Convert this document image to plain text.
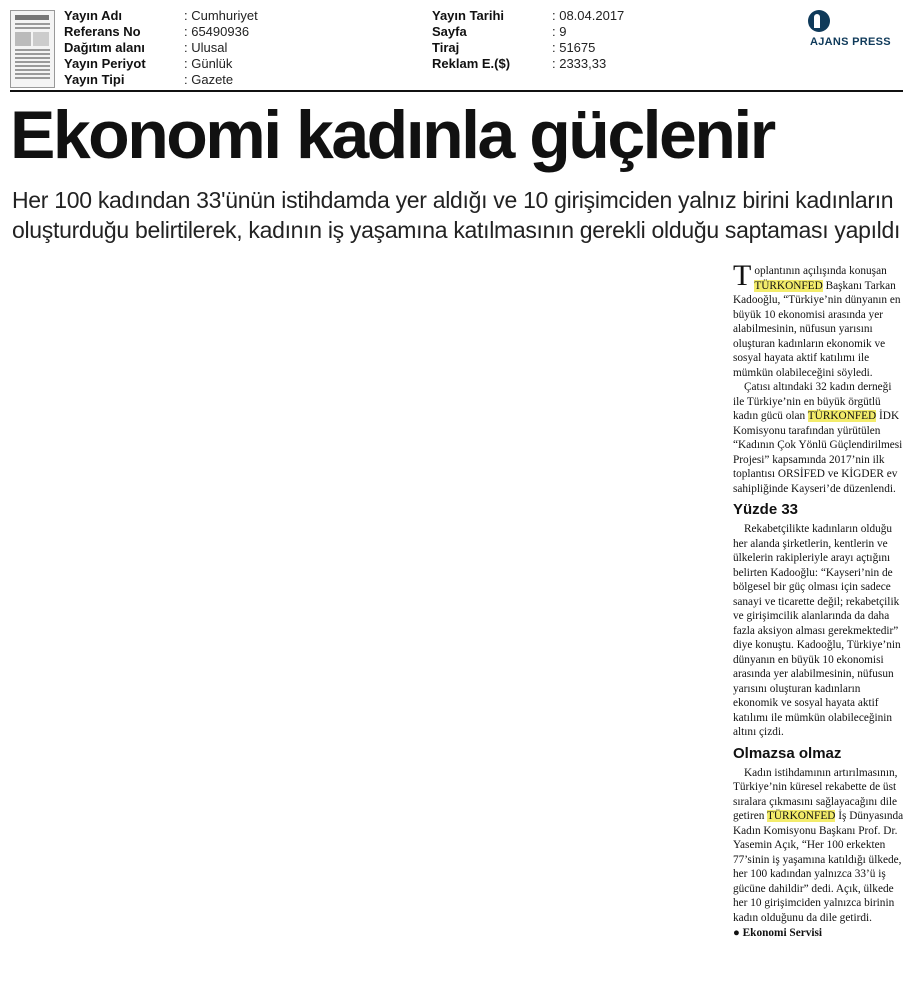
Yayın Adı	: Cumhuriyet
Referans No	: 65490936
Dağıtım alanı	: Ulusal
Yayın Periyot	: Günlük
Yayın Tipi	: Gazete
Yayın Tarihi	: 08.04.2017
Sayfa	: 9
Tiraj	: 51675
Reklam E.($)	: 2333,33
AJANS PRESS
Ekonomi kadınla güçlenir
Her 100 kadından 33'ünün istihdamda yer aldığı ve 10 girişimciden yalnız birini kadınların oluşturduğu belirtilerek, kadının iş yaşamına katılmasının gerekli olduğu saptaması yapıldı

Toplantının açılışında konuşan TÜRKONFED Başkanı Tarkan Kadooğlu, “Türkiye’nin dünyanın en büyük 10 ekonomisi arasında yer alabilmesinin, nüfusun yarısını oluşturan kadınların ekonomik ve sosyal hayata aktif katılımı ile mümkün olabileceğini söyledi.

Çatısı altındaki 32 kadın derneği ile Türkiye’nin en büyük örgütlü kadın gücü olan TÜRKONFED İDK Komisyonu tarafından yürütülen “Kadının Çok Yönlü Güçlendirilmesi Projesi” kapsamında 2017’nin ilk toplantısı ORSİFED ve KİGDER ev sahipliğinde Kayseri’de düzenlendi.

Yüzde 33

Rekabetçilikte kadınların olduğu her alanda şirketlerin, kentlerin ve ülkelerin rakipleriyle arayı açtığını belirten Kadooğlu: “Kayseri’nin de bölgesel bir güç olması için sadece sanayi ve ticarette değil; rekabetçilik ve girişimcilik alanlarında da daha fazla aksiyon alması gerekmektedir” diye konuştu. Kadooğlu, Türkiye’nin dünyanın en büyük 10 ekonomisi arasında yer alabilmesinin, nüfusun yarısını oluşturan kadınların ekonomik ve sosyal hayata aktif katılımı ile mümkün olabileceğinin altını çizdi.

Olmazsa olmaz

Kadın istihdamının artırılmasının, Türkiye’nin küresel rekabette de üst sıralara çıkmasını sağlayacağını dile getiren TÜRKONFED İş Dünyasında Kadın Komisyonu Başkanı Prof. Dr. Yasemin Açık, “Her 100 erkekten 77’sinin iş yaşamına katıldığı ülkede, her 100 kadından yalnızca 33’ü iş gücüne dahildir” dedi. Açık, ülkede her 10 girişimciden yalnızca birinin kadın olduğunu da dile getirdi.

● Ekonomi Servisi
